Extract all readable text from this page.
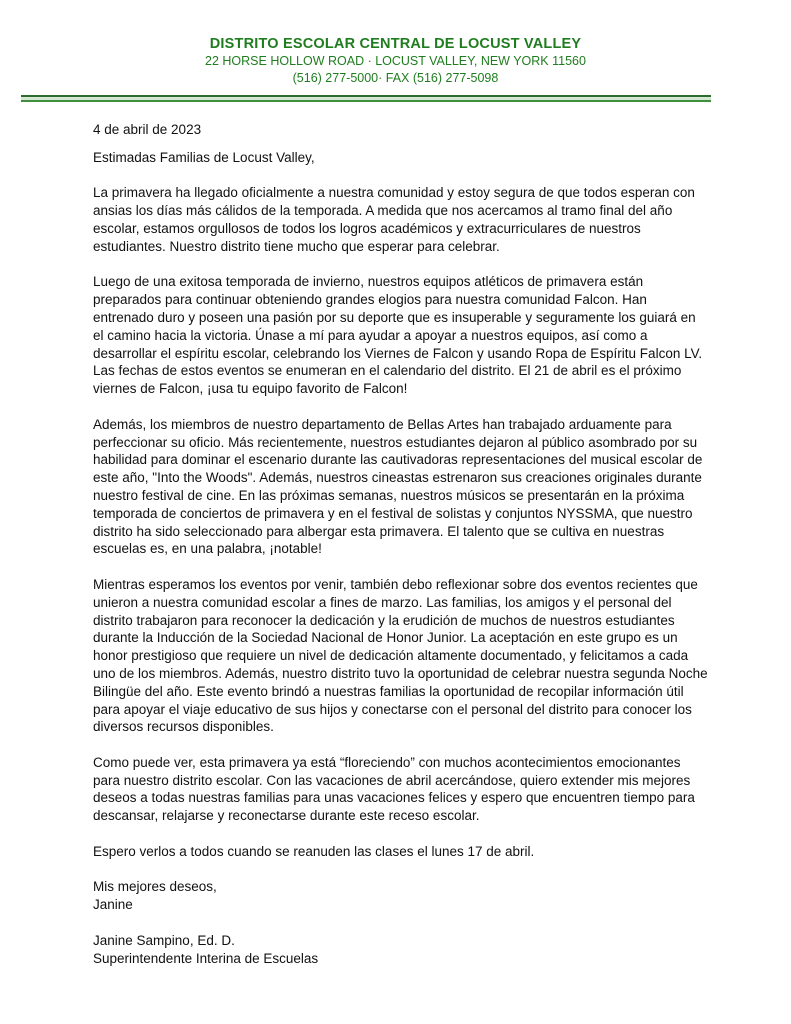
DISTRITO ESCOLAR CENTRAL DE LOCUST VALLEY
22 HORSE HOLLOW ROAD · LOCUST VALLEY, NEW YORK 11560
(516) 277-5000· FAX (516) 277-5098

4 de abril de 2023

Estimadas Familias de Locust Valley,

La primavera ha llegado oficialmente a nuestra comunidad y estoy segura de que todos esperan con ansias los días más cálidos de la temporada. A medida que nos acercamos al tramo final del año escolar, estamos orgullosos de todos los logros académicos y extracurriculares de nuestros estudiantes. Nuestro distrito tiene mucho que esperar para celebrar.

Luego de una exitosa temporada de invierno, nuestros equipos atléticos de primavera están preparados para continuar obteniendo grandes elogios para nuestra comunidad Falcon. Han entrenado duro y poseen una pasión por su deporte que es insuperable y seguramente los guiará en el camino hacia la victoria. Únase a mí para ayudar a apoyar a nuestros equipos, así como a desarrollar el espíritu escolar, celebrando los Viernes de Falcon y usando Ropa de Espíritu Falcon LV. Las fechas de estos eventos se enumeran en el calendario del distrito. El 21 de abril es el próximo viernes de Falcon, ¡usa tu equipo favorito de Falcon!

Además, los miembros de nuestro departamento de Bellas Artes han trabajado arduamente para perfeccionar su oficio. Más recientemente, nuestros estudiantes dejaron al público asombrado por su habilidad para dominar el escenario durante las cautivadoras representaciones del musical escolar de este año, "Into the Woods". Además, nuestros cineastas estrenaron sus creaciones originales durante nuestro festival de cine. En las próximas semanas, nuestros músicos se presentarán en la próxima temporada de conciertos de primavera y en el festival de solistas y conjuntos NYSSMA, que nuestro distrito ha sido seleccionado para albergar esta primavera. El talento que se cultiva en nuestras escuelas es, en una palabra, ¡notable!

Mientras esperamos los eventos por venir, también debo reflexionar sobre dos eventos recientes que unieron a nuestra comunidad escolar a fines de marzo. Las familias, los amigos y el personal del distrito trabajaron para reconocer la dedicación y la erudición de muchos de nuestros estudiantes durante la Inducción de la Sociedad Nacional de Honor Junior. La aceptación en este grupo es un honor prestigioso que requiere un nivel de dedicación altamente documentado, y felicitamos a cada uno de los miembros. Además, nuestro distrito tuvo la oportunidad de celebrar nuestra segunda Noche Bilingüe del año. Este evento brindó a nuestras familias la oportunidad de recopilar información útil para apoyar el viaje educativo de sus hijos y conectarse con el personal del distrito para conocer los diversos recursos disponibles.

Como puede ver, esta primavera ya está “floreciendo” con muchos acontecimientos emocionantes para nuestro distrito escolar. Con las vacaciones de abril acercándose, quiero extender mis mejores deseos a todas nuestras familias para unas vacaciones felices y espero que encuentren tiempo para descansar, relajarse y reconectarse durante este receso escolar.

Espero verlos a todos cuando se reanuden las clases el lunes 17 de abril.

Mis mejores deseos,

Janine

Janine Sampino, Ed. D.

Superintendente Interina de Escuelas
